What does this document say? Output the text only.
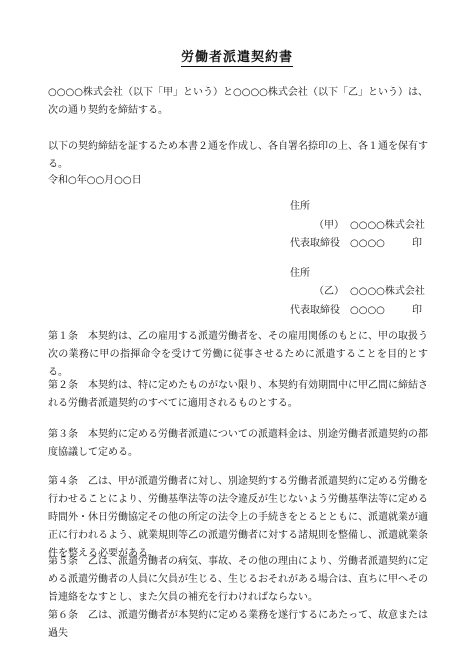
労働者派遣契約書
○○○○株式会社（以下「甲」という）と○○○○株式会社（以下「乙」という）は、次の通り契約を締結する。
以下の契約締結を証するため本書２通を作成し、各自署名捺印の上、各１通を保有する。
令和○年○○月○○日
住所
（甲） ○○○○株式会社
代表取締役 ○○○○	印
住所
（乙） ○○○○株式会社
代表取締役 ○○○○	印
第１条　本契約は、乙の雇用する派遣労働者を、その雇用関係のもとに、甲の取扱う次の業務に甲の指揮命令を受けて労働に従事させるために派遣することを目的とする。
第２条　本契約は、特に定めたものがない限り、本契約有効期間中に甲乙間に締結される労働者派遣契約のすべてに適用されるものとする。
第３条　本契約に定める労働者派遣についての派遣料金は、別途労働者派遣契約の都度協議して定める。
第４条　乙は、甲が派遣労働者に対し、別途契約する労働者派遣契約に定める労働を行わせることにより、労働基準法等の法令違反が生じないよう労働基準法等に定める時間外・休日労働協定その他の所定の法令上の手続きをとるとともに、派遣就業が適正に行われるよう、就業規則等乙の派遣労働者に対する諸規則を整備し、派遣就業条件を整える必要がある。
第５条　乙は、派遣労働者の病気、事故、その他の理由により、労働者派遣契約に定める派遣労働者の人員に欠員が生じる、生じるおそれがある場合は、直ちに甲へその旨連絡をなすとし、また欠員の補充を行わければならない。
第６条　乙は、派遣労働者が本契約に定める業務を遂行するにあたって、故意または過失
